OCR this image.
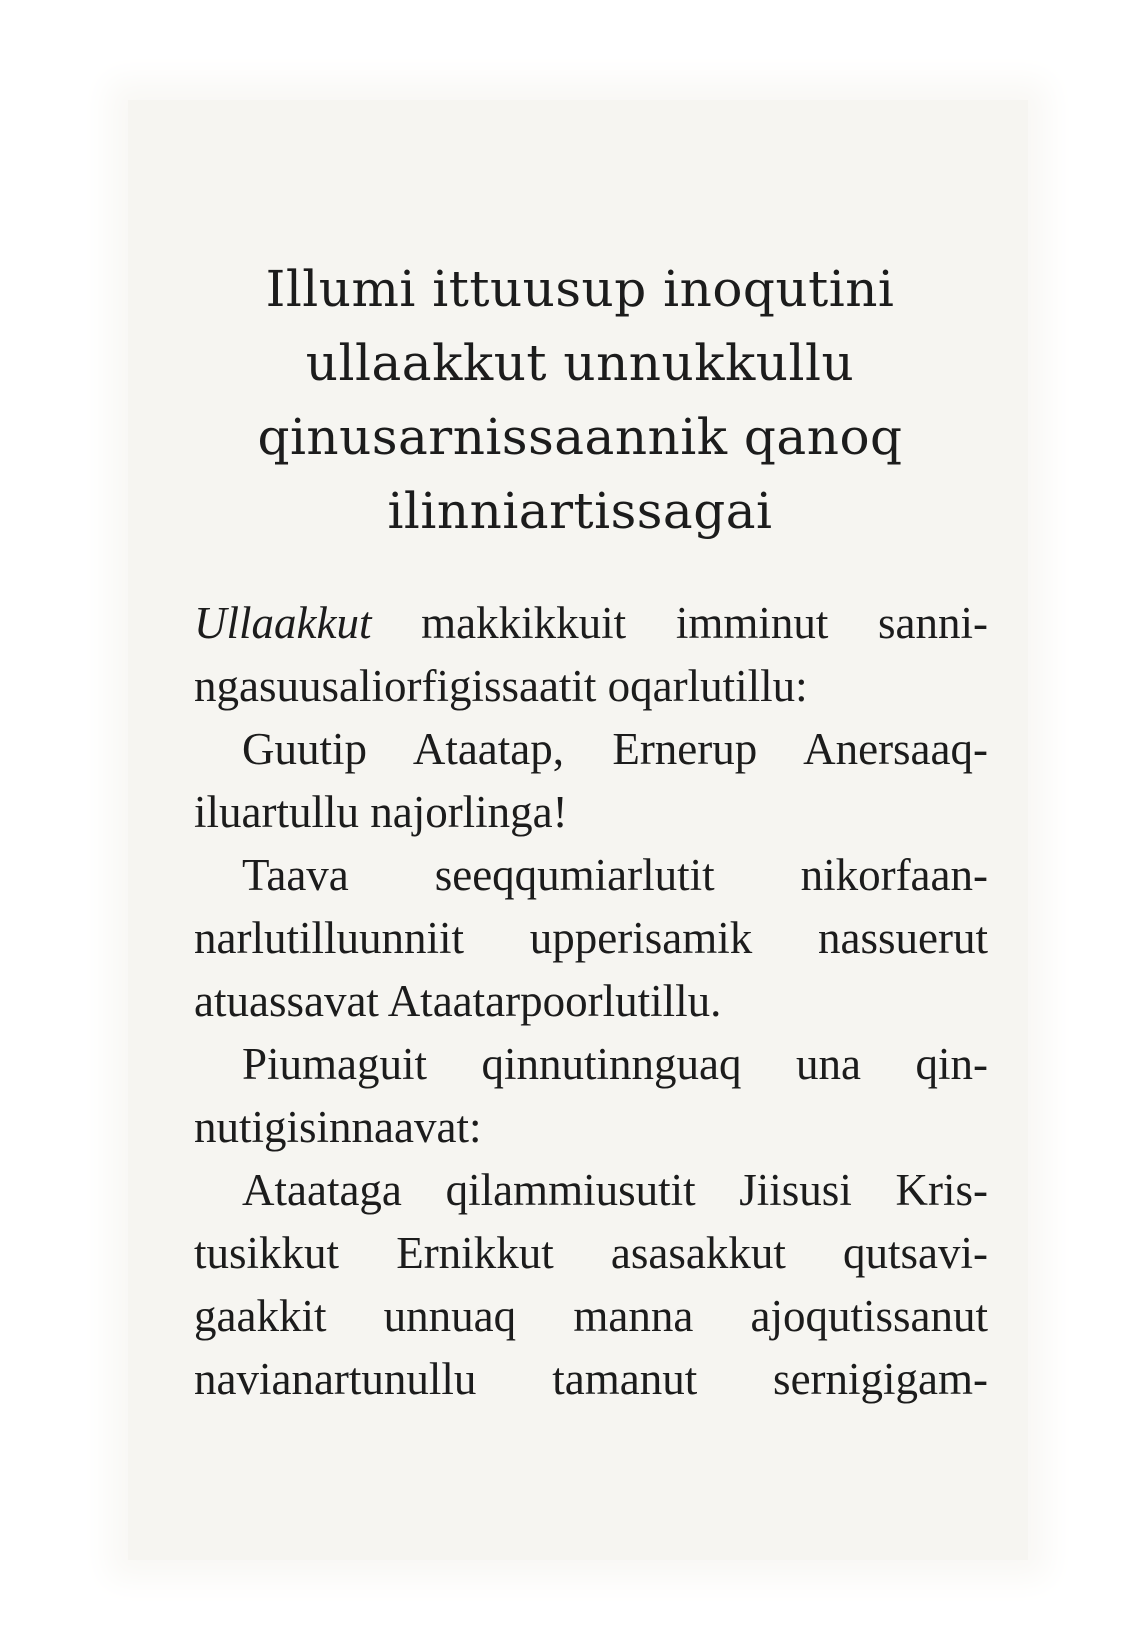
Illumi ittuusup inoqutini
ullaakkut unnukkullu
qinusarnissaannik qanoq
ilinniartissagai
Ullaakkut makkikkuit imminut sanni-
ngasuusaliorfigissaatit oqarlutillu:
Guutip Ataatap, Ernerup Anersaaq-
iluartullu najorlinga!
Taava seeqqumiarlutit nikorfaan-
narlutilluunniit upperisamik nassuerut
atuassavat Ataatarpoorlutillu.
Piumaguit qinnutinnguaq una qin-
nutigisinnaavat:
Ataataga qilammiusutit Jiisusi Kris-
tusikkut Ernikkut asasakkut qutsavi-
gaakkit unnuaq manna ajoqutissanut
navianartunullu tamanut sernigigam-
